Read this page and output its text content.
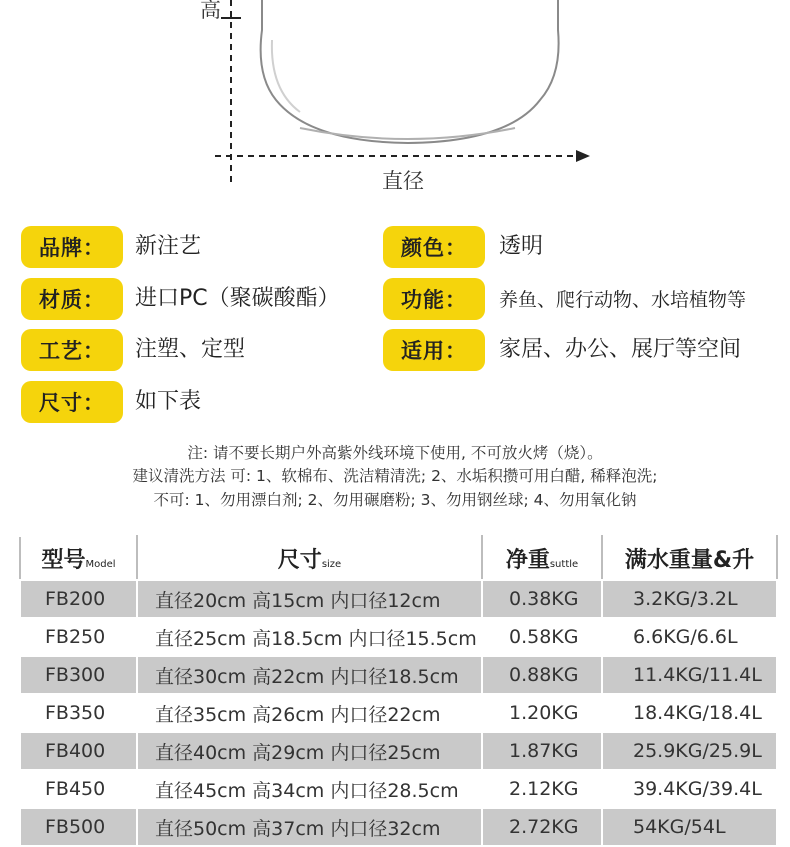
高
直径
品牌：	新注艺	颜色：	透明
材质：	进口PC（聚碳酸酯）	功能：	养鱼、爬行动物、水培植物等
工艺：	注塑、定型	适用：	家居、办公、展厅等空间
尺寸：	如下表
注: 请不要长期户外高紫外线环境下使用, 不可放火烤（烧）。
建议清洗方法 可: 1、软棉布、洗洁精清洗; 2、水垢积攒可用白醋, 稀释泡洗;
不可: 1、勿用漂白剂; 2、勿用碾磨粉; 3、勿用钢丝球; 4、勿用氧化钠
型号Model	尺寸size	净重suttle	满水重量&升
FB200	直径20cm 高15cm 内口径12cm	0.38KG	3.2KG/3.2L
FB250	直径25cm 高18.5cm 内口径15.5cm	0.58KG	6.6KG/6.6L
FB300	直径30cm 高22cm 内口径18.5cm	0.88KG	11.4KG/11.4L
FB350	直径35cm 高26cm 内口径22cm	1.20KG	18.4KG/18.4L
FB400	直径40cm 高29cm 内口径25cm	1.87KG	25.9KG/25.9L
FB450	直径45cm 高34cm 内口径28.5cm	2.12KG	39.4KG/39.4L
FB500	直径50cm 高37cm 内口径32cm	2.72KG	54KG/54L
